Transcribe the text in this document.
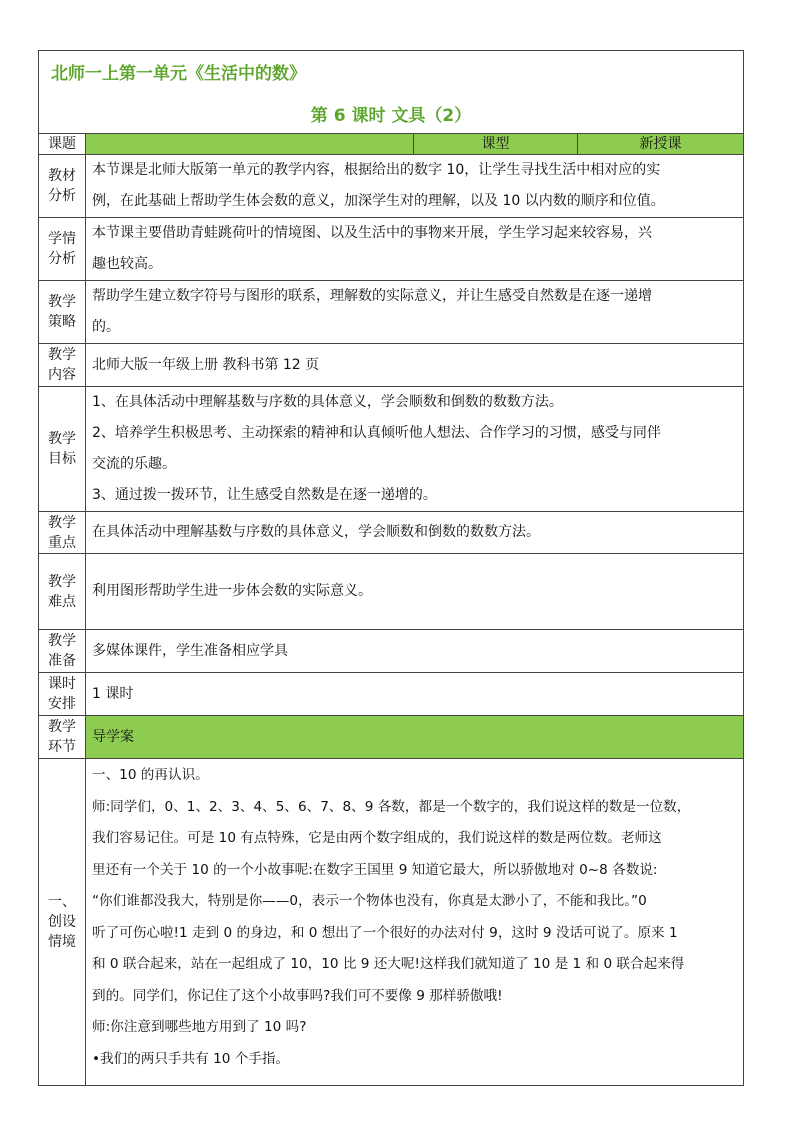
北师一上第一单元《生活中的数》
第 6 课时 文具（2）
课题	课型	新授课
教材
分析
本节课是北师大版第一单元的教学内容，根据给出的数字 10，让学生寻找生活中相对应的实
例，在此基础上帮助学生体会数的意义，加深学生对的理解，以及 10 以内数的顺序和位值。
学情
分析
本节课主要借助青蛙跳荷叶的情境图、以及生活中的事物来开展，学生学习起来较容易，兴
趣也较高。
教学
策略
帮助学生建立数字符号与图形的联系，理解数的实际意义，并让生感受自然数是在逐一递增
的。
教学
内容
北师大版一年级上册 教科书第 12 页
教学
目标
1、在具体活动中理解基数与序数的具体意义，学会顺数和倒数的数数方法。
2、培养学生积极思考、主动探索的精神和认真倾听他人想法、合作学习的习惯，感受与同伴
交流的乐趣。
3、通过拨一拨环节，让生感受自然数是在逐一递增的。
教学
重点
在具体活动中理解基数与序数的具体意义，学会顺数和倒数的数数方法。
教学
难点
利用图形帮助学生进一步体会数的实际意义。
教学
准备
多媒体课件，学生准备相应学具
课时
安排
1 课时
教学
环节
导学案
一、
创设
情境
一、10 的再认识。
师:同学们，0、1、2、3、4、5、6、7、8、9 各数，都是一个数字的，我们说这样的数是一位数，
我们容易记住。可是 10 有点特殊，它是由两个数字组成的，我们说这样的数是两位数。老师这
里还有一个关于 10 的一个小故事呢:在数字王国里 9 知道它最大，所以骄傲地对 0~8 各数说:
“你们谁都没我大，特别是你——0，表示一个物体也没有，你真是太渺小了，不能和我比。”0
听了可伤心啦!1 走到 0 的身边，和 0 想出了一个很好的办法对付 9，这时 9 没话可说了。原来 1
和 0 联合起来，站在一起组成了 10，10 比 9 还大呢!这样我们就知道了 10 是 1 和 0 联合起来得
到的。同学们，你记住了这个小故事吗?我们可不要像 9 那样骄傲哦!
师:你注意到哪些地方用到了 10 吗?
•我们的两只手共有 10 个手指。
